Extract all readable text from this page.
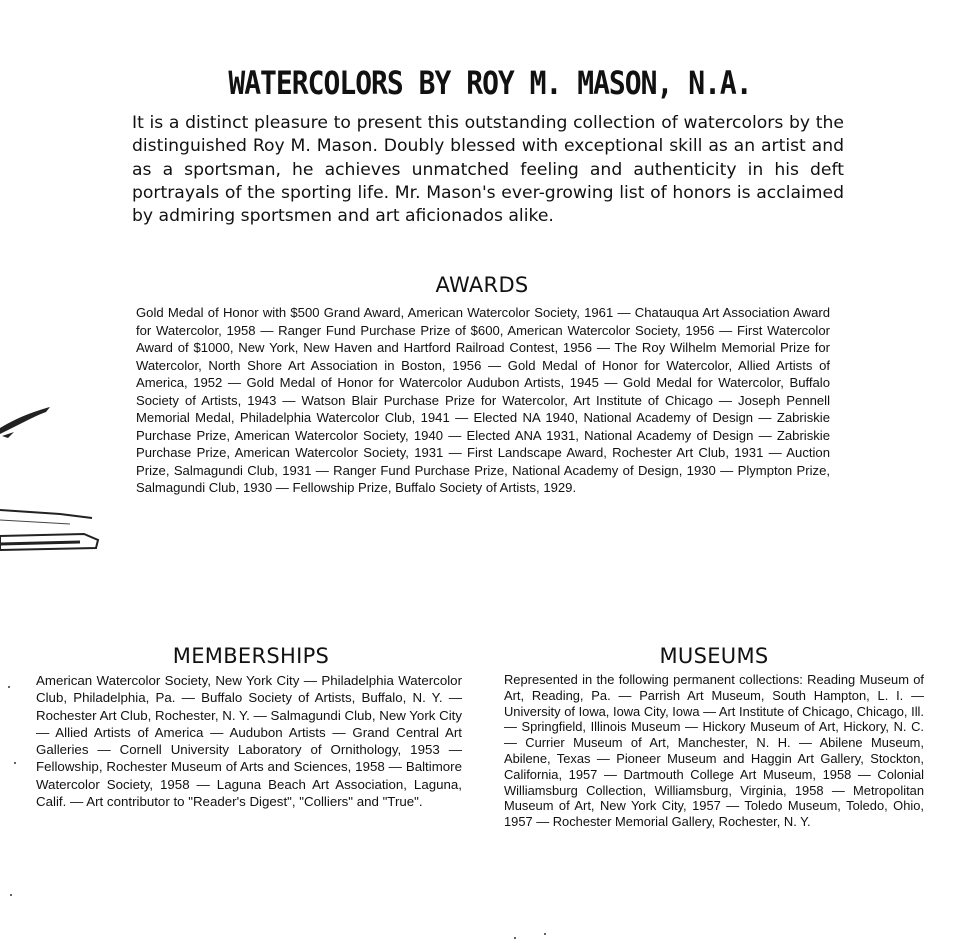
WATERCOLORS BY ROY M. MASON, N.A.
It is a distinct pleasure to present this outstanding collection of watercolors by the distinguished Roy M. Mason. Doubly blessed with exceptional skill as an artist and as a sportsman, he achieves unmatched feeling and authenticity in his deft portrayals of the sporting life. Mr. Mason's ever-growing list of honors is acclaimed by admiring sportsmen and art aficionados alike.
AWARDS
Gold Medal of Honor with $500 Grand Award, American Watercolor Society, 1961 — Chatauqua Art Association Award for Watercolor, 1958 — Ranger Fund Purchase Prize of $600, American Watercolor Society, 1956 — First Watercolor Award of $1000, New York, New Haven and Hartford Railroad Contest, 1956 — The Roy Wilhelm Memorial Prize for Watercolor, North Shore Art Association in Boston, 1956 — Gold Medal of Honor for Watercolor, Allied Artists of America, 1952 — Gold Medal of Honor for Watercolor Audubon Artists, 1945 — Gold Medal for Watercolor, Buffalo Society of Artists, 1943 — Watson Blair Purchase Prize for Watercolor, Art Institute of Chicago — Joseph Pennell Memorial Medal, Philadelphia Watercolor Club, 1941 — Elected NA 1940, National Academy of Design — Zabriskie Purchase Prize, American Watercolor Society, 1940 — Elected ANA 1931, National Academy of Design — Zabriskie Purchase Prize, American Watercolor Society, 1931 — First Landscape Award, Rochester Art Club, 1931 — Auction Prize, Salmagundi Club, 1931 — Ranger Fund Purchase Prize, National Academy of Design, 1930 — Plympton Prize, Salmagundi Club, 1930 — Fellowship Prize, Buffalo Society of Artists, 1929.
MEMBERSHIPS
American Watercolor Society, New York City — Philadelphia Watercolor Club, Philadelphia, Pa. — Buffalo Society of Artists, Buffalo, N. Y. — Rochester Art Club, Rochester, N. Y. — Salmagundi Club, New York City — Allied Artists of America — Audubon Artists — Grand Central Art Galleries — Cornell University Laboratory of Ornithology, 1953 — Fellowship, Rochester Museum of Arts and Sciences, 1958 — Baltimore Watercolor Society, 1958 — Laguna Beach Art Association, Laguna, Calif. — Art contributor to "Reader's Digest", "Colliers" and "True".
MUSEUMS
Represented in the following permanent collections: Reading Museum of Art, Reading, Pa. — Parrish Art Museum, South Hampton, L. I. — University of Iowa, Iowa City, Iowa — Art Institute of Chicago, Chicago, Ill. — Springfield, Illinois Museum — Hickory Museum of Art, Hickory, N. C. — Currier Museum of Art, Manchester, N. H. — Abilene Museum, Abilene, Texas — Pioneer Museum and Haggin Art Gallery, Stockton, California, 1957 — Dartmouth College Art Museum, 1958 — Colonial Williamsburg Collection, Williamsburg, Virginia, 1958 — Metropolitan Museum of Art, New York City, 1957 — Toledo Museum, Toledo, Ohio, 1957 — Rochester Memorial Gallery, Rochester, N. Y.
